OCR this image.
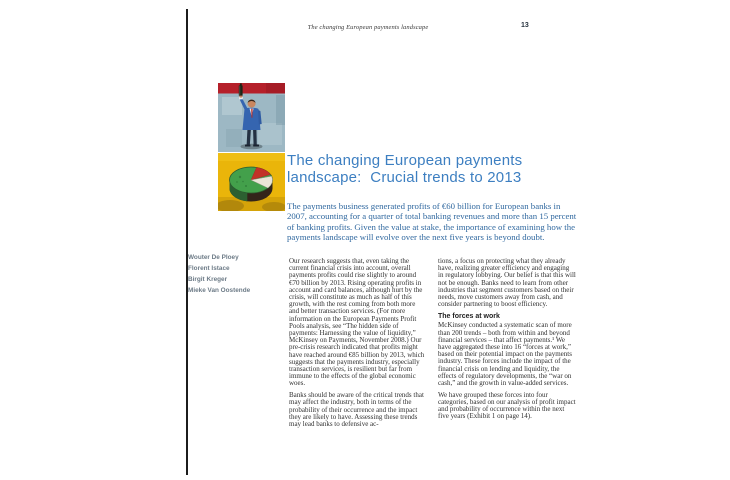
The changing European payments landscape	13
The changing European payments
landscape:  Crucial trends to 2013
The payments business generated profits of €60 billion for European banks in 2007, accounting for a quarter of total banking revenues and more than 15 percent of banking profits. Given the value at stake, the importance of examining how the payments landscape will evolve over the next five years is beyond doubt.
Wouter De Ploey
Florent Istace
Birgit Kreger
Mieke Van Oostende

Our research suggests that, even taking the current financial crisis into account, overall payments profits could rise slightly to around €70 billion by 2013. Rising operating profits in account and card balances, although hurt by the crisis, will constitute as much as half of this growth, with the rest coming from both more and better transaction services. (For more information on the European Payments Profit Pools analysis, see “The hidden side of payments: Harnessing the value of liquidity,” McKinsey on Payments, November 2008.) Our pre-crisis research indicated that profits might have reached around €85 billion by 2013, which suggests that the payments industry, especially transaction services, is resilient but far from immune to the effects of the global economic woes.

Banks should be aware of the critical trends that may affect the industry, both in terms of the probability of their occurrence and the impact they are likely to have. Assessing these trends may lead banks to defensive ac-

tions, a focus on protecting what they already have, realizing greater efficiency and engaging in regulatory lobbying. Our belief is that this will not be enough. Banks need to learn from other industries that segment customers based on their needs, move customers away from cash, and consider partnering to boost efficiency.

The forces at work

McKinsey conducted a systematic scan of more than 200 trends – both from within and beyond financial services – that affect payments.¹ We have aggregated these into 16 “forces at work,” based on their potential impact on the payments industry. These forces include the impact of the financial crisis on lending and liquidity, the effects of regulatory developments, the “war on cash,” and the growth in value-added services.

We have grouped these forces into four categories, based on our analysis of profit impact and probability of occurrence within the next five years (Exhibit 1 on page 14).
